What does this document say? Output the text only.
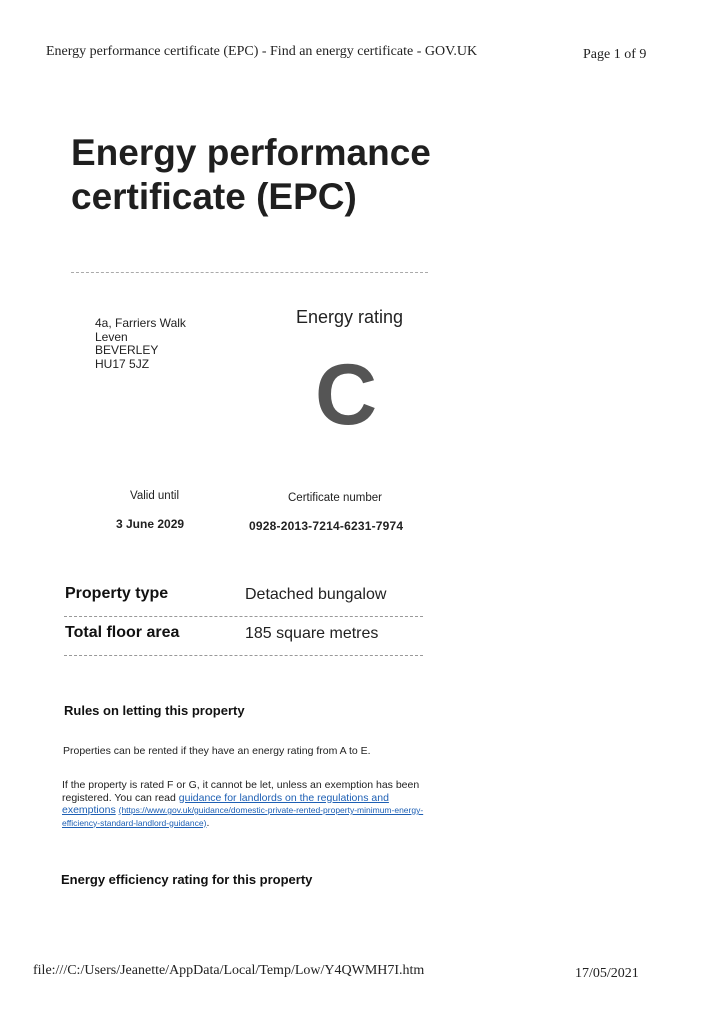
Energy performance certificate (EPC) - Find an energy certificate - GOV.UK	Page 1 of 9
Energy performance certificate (EPC)
4a, Farriers Walk
Leven
BEVERLEY
HU17 5JZ
Energy rating
C
Valid until
3 June 2029
Certificate number
0928-2013-7214-6231-7974
Property type	Detached bungalow
Total floor area	185 square metres
Rules on letting this property
Properties can be rented if they have an energy rating from A to E.

If the property is rated F or G, it cannot be let, unless an exemption has been registered. You can read guidance for landlords on the regulations and exemptions (https://www.gov.uk/guidance/domestic-private-rented-property-minimum-energy-efficiency-standard-landlord-guidance).

Energy efficiency rating for this property
file:///C:/Users/Jeanette/AppData/Local/Temp/Low/Y4QWMH7I.htm	17/05/2021
